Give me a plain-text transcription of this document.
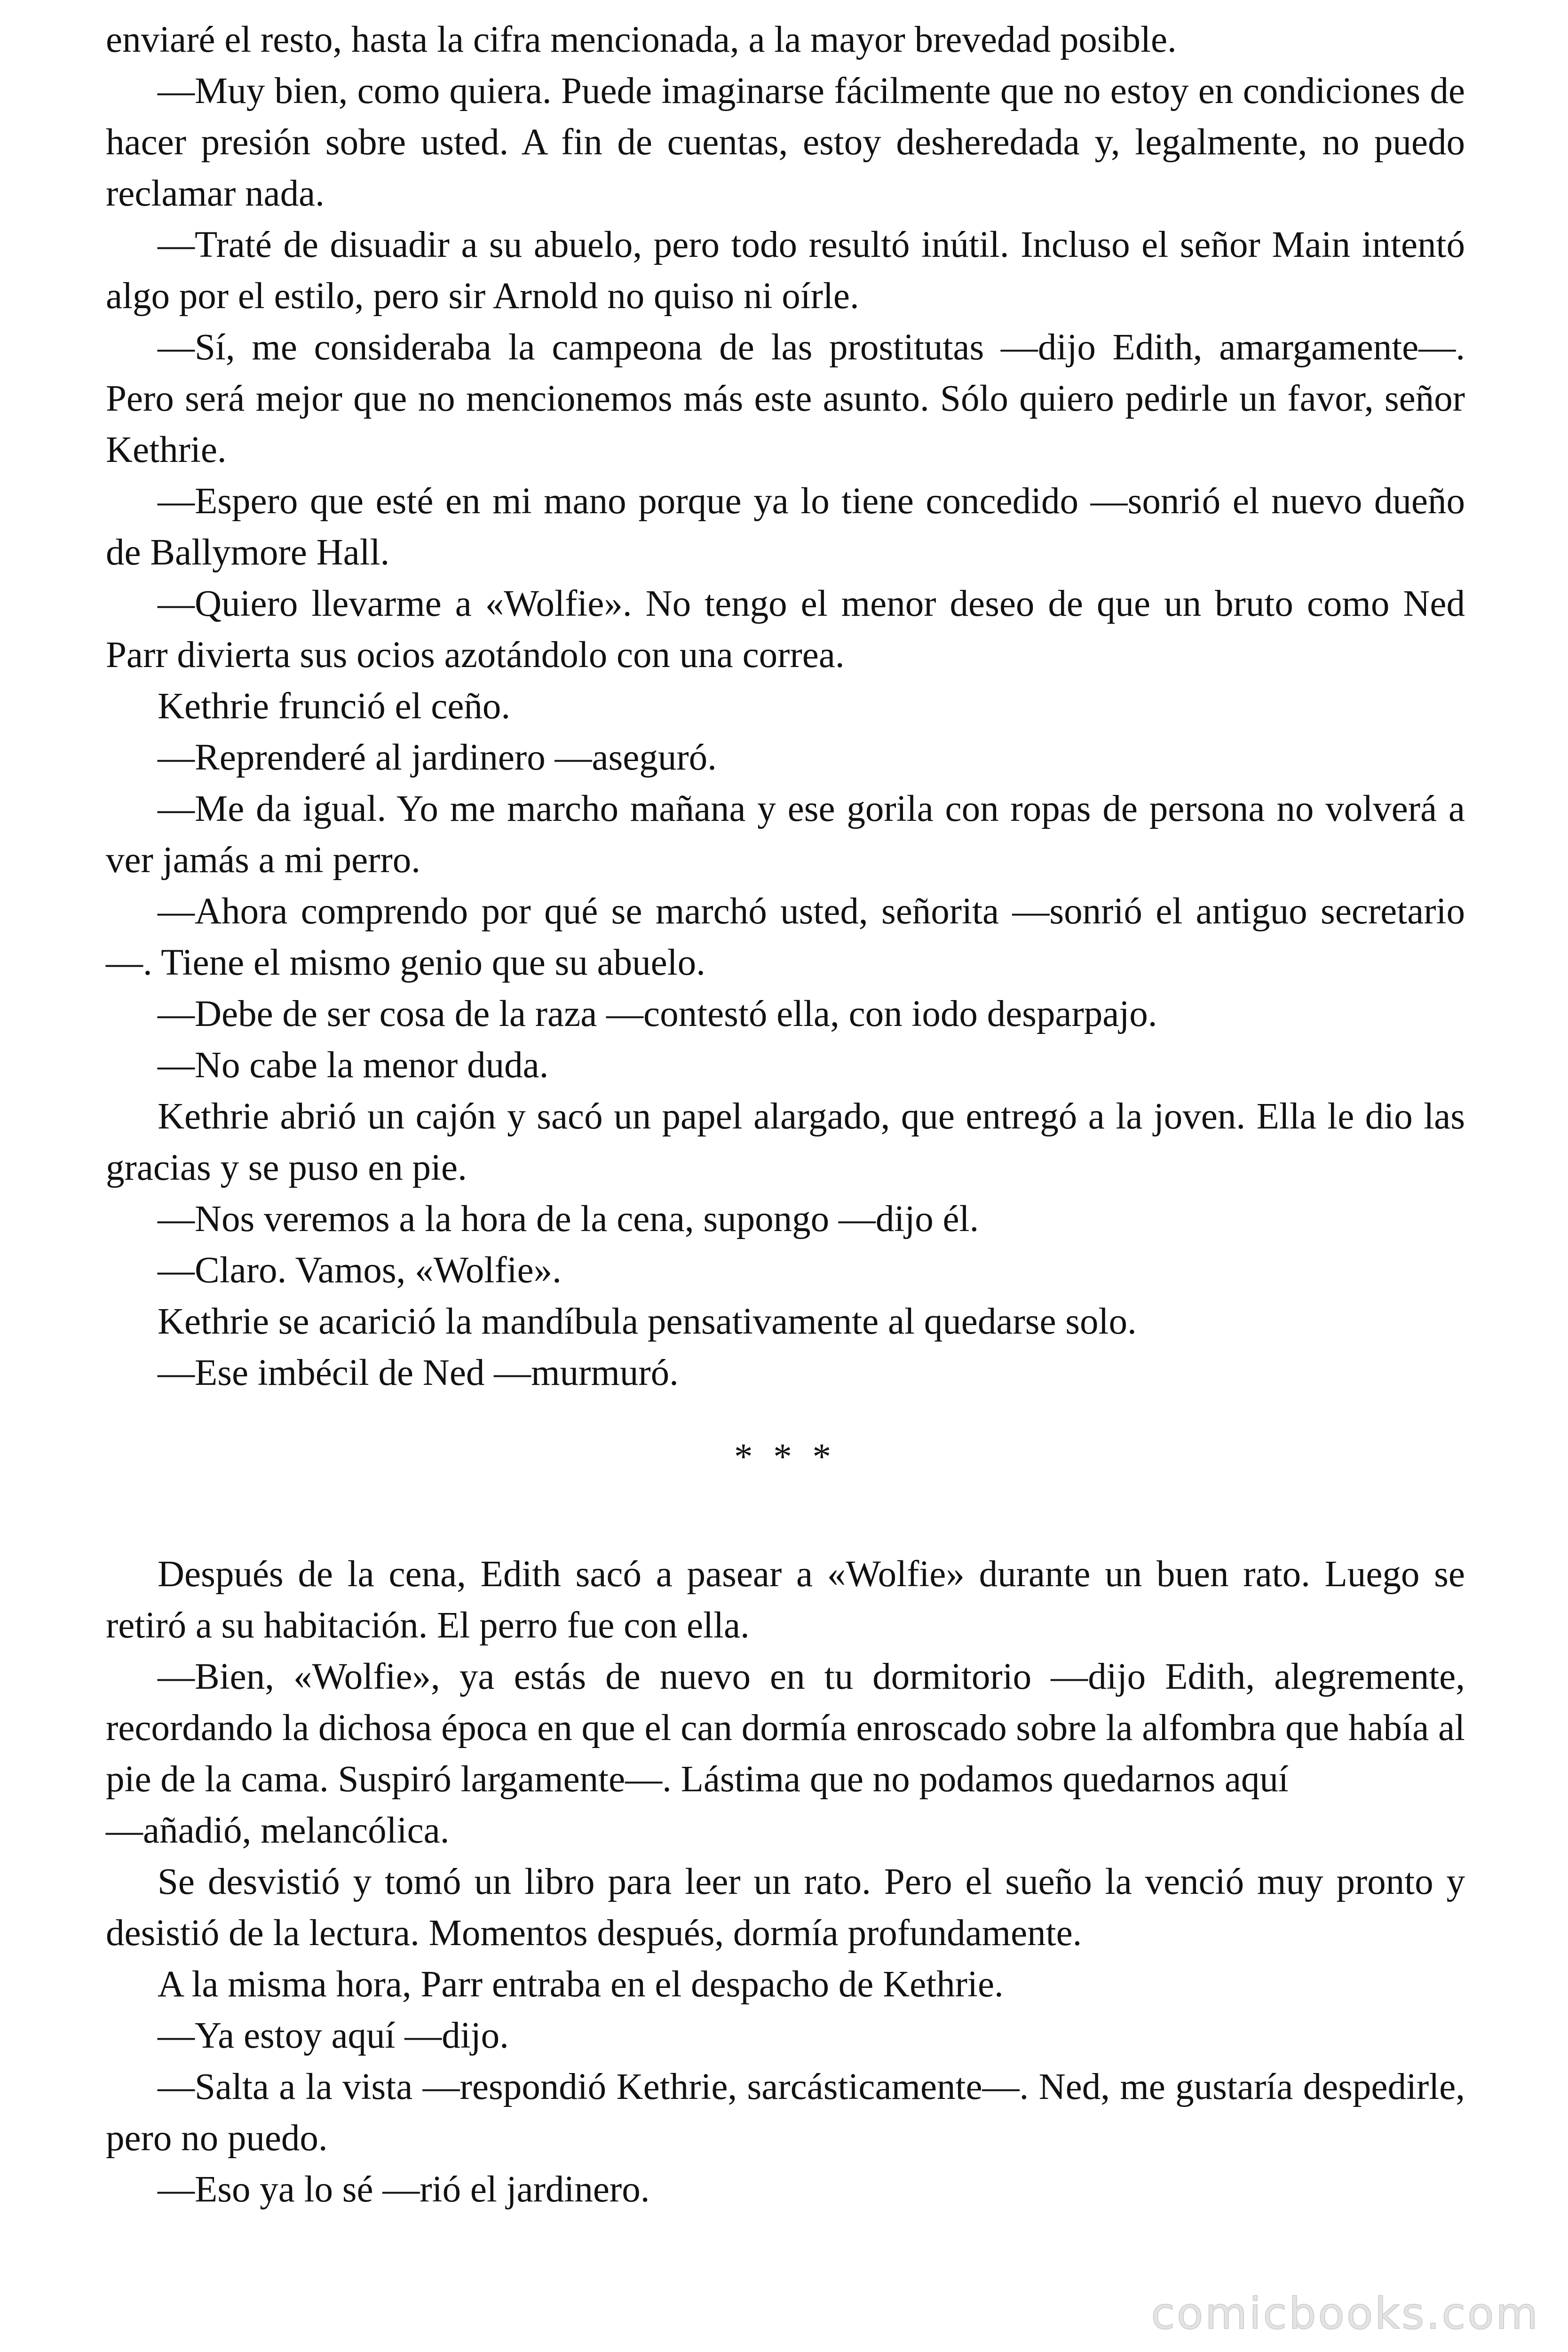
enviaré el resto, hasta la cifra mencionada, a la mayor brevedad posible.

—Muy bien, como quiera. Puede imaginarse fácilmente que no estoy en condiciones de hacer presión sobre usted. A fin de cuentas, estoy desheredada y, legalmente, no puedo reclamar nada.

—Traté de disuadir a su abuelo, pero todo resultó inútil. Incluso el señor Main intentó algo por el estilo, pero sir Arnold no quiso ni oírle.

—Sí, me consideraba la campeona de las prostitutas —dijo Edith, amargamente—. Pero será mejor que no mencionemos más este asunto. Sólo quiero pedirle un favor, señor Kethrie.

—Espero que esté en mi mano porque ya lo tiene concedido —sonrió el nuevo dueño de Ballymore Hall.

—Quiero llevarme a «Wolfie». No tengo el menor deseo de que un bruto como Ned Parr divierta sus ocios azotándolo con una correa.

Kethrie frunció el ceño.

—Reprenderé al jardinero —aseguró.

—Me da igual. Yo me marcho mañana y ese gorila con ropas de persona no volverá a ver jamás a mi perro.

—Ahora comprendo por qué se marchó usted, señorita —sonrió el antiguo secretario—. Tiene el mismo genio que su abuelo.

—Debe de ser cosa de la raza —contestó ella, con iodo desparpajo.

—No cabe la menor duda.

Kethrie abrió un cajón y sacó un papel alargado, que entregó a la joven. Ella le dio las gracias y se puso en pie.

—Nos veremos a la hora de la cena, supongo —dijo él.

—Claro. Vamos, «Wolfie».

Kethrie se acarició la mandíbula pensativamente al quedarse solo.

—Ese imbécil de Ned —murmuró.

* * *

Después de la cena, Edith sacó a pasear a «Wolfie» durante un buen rato. Luego se retiró a su habitación. El perro fue con ella.

—Bien, «Wolfie», ya estás de nuevo en tu dormitorio —dijo Edith, alegremente, recordando la dichosa época en que el can dormía enroscado sobre la alfombra que había al pie de la cama. Suspiró largamente—. Lástima que no podamos quedarnos aquí

—añadió, melancólica.

Se desvistió y tomó un libro para leer un rato. Pero el sueño la venció muy pronto y desistió de la lectura. Momentos después, dormía profundamente.

A la misma hora, Parr entraba en el despacho de Kethrie.

—Ya estoy aquí —dijo.

—Salta a la vista —respondió Kethrie, sarcásticamente—. Ned, me gustaría despedirle, pero no puedo.

—Eso ya lo sé —rió el jardinero.

comicbooks.com
